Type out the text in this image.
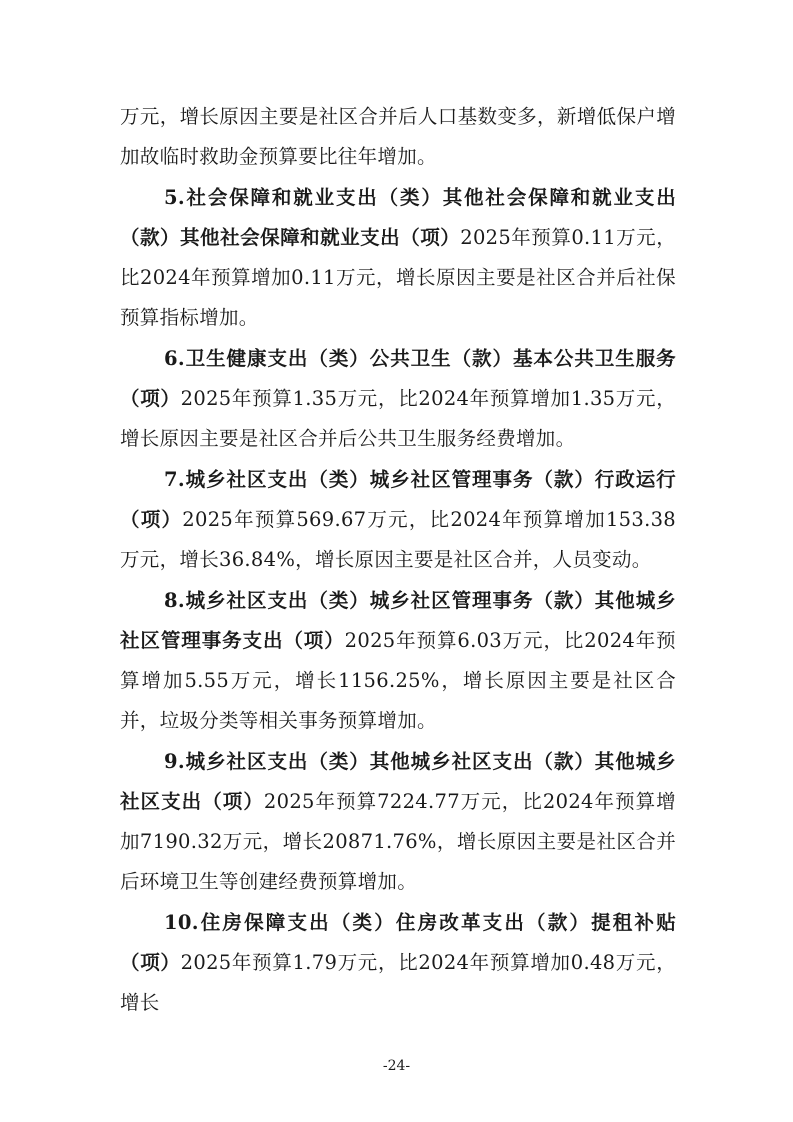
万元，增长原因主要是社区合并后人口基数变多，新增低保户增加故临时救助金预算要比往年增加。

5.社会保障和就业支出（类）其他社会保障和就业支出（款）其他社会保障和就业支出（项）2025年预算0.11万元，比2024年预算增加0.11万元，增长原因主要是社区合并后社保预算指标增加。

6.卫生健康支出（类）公共卫生（款）基本公共卫生服务（项）2025年预算1.35万元，比2024年预算增加1.35万元，增长原因主要是社区合并后公共卫生服务经费增加。

7.城乡社区支出（类）城乡社区管理事务（款）行政运行（项）2025年预算569.67万元，比2024年预算增加153.38万元，增长36.84%，增长原因主要是社区合并，人员变动。

8.城乡社区支出（类）城乡社区管理事务（款）其他城乡社区管理事务支出（项）2025年预算6.03万元，比2024年预算增加5.55万元，增长1156.25%，增长原因主要是社区合并，垃圾分类等相关事务预算增加。

9.城乡社区支出（类）其他城乡社区支出（款）其他城乡社区支出（项）2025年预算7224.77万元，比2024年预算增加7190.32万元，增长20871.76%，增长原因主要是社区合并后环境卫生等创建经费预算增加。

10.住房保障支出（类）住房改革支出（款）提租补贴（项）2025年预算1.79万元，比2024年预算增加0.48万元，增长

-24-
